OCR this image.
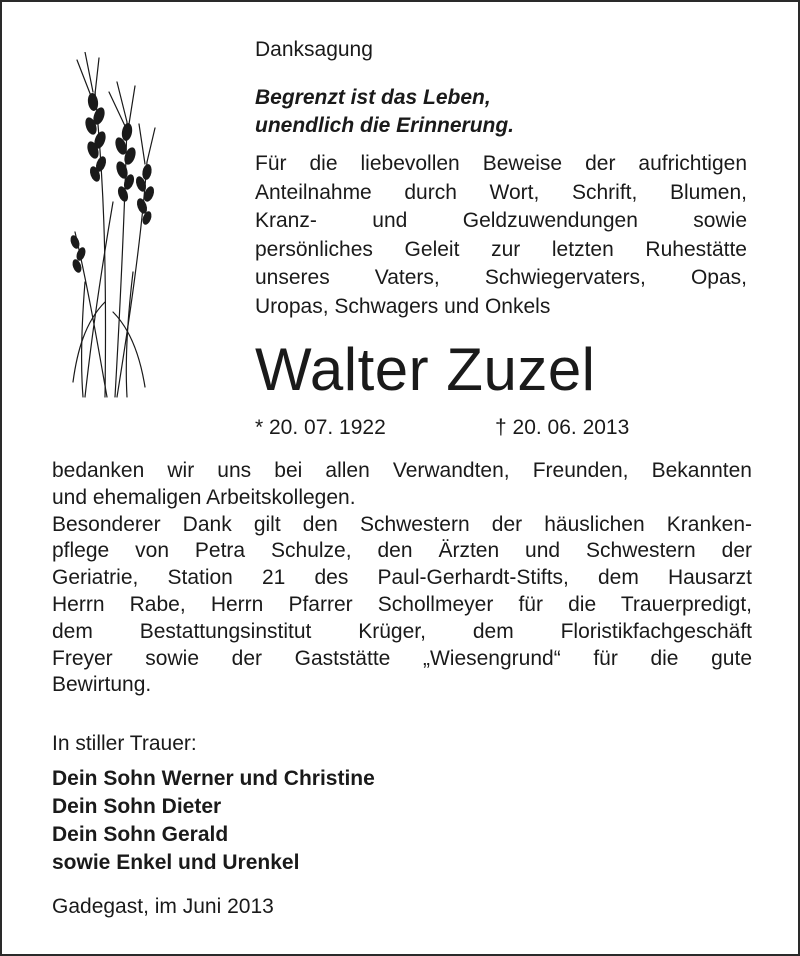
Danksagung
Begrenzt ist das Leben,
unendlich die Erinnerung.
Für die liebevollen Beweise der aufrichtigen
Anteilnahme durch Wort, Schrift, Blumen,
Kranz- und Geldzuwendungen sowie
persönliches Geleit zur letzten Ruhestätte
unseres Vaters, Schwiegervaters, Opas,
Uropas, Schwagers und Onkels
Walter Zuzel
* 20. 07. 1922	† 20. 06. 2013
bedanken wir uns bei allen Verwandten, Freunden, Bekannten
und ehemaligen Arbeitskollegen.
Besonderer Dank gilt den Schwestern der häuslichen Kranken-
pflege von Petra Schulze, den Ärzten und Schwestern der
Geriatrie, Station 21 des Paul-Gerhardt-Stifts, dem Hausarzt
Herrn Rabe, Herrn Pfarrer Schollmeyer für die Trauerpredigt,
dem Bestattungsinstitut Krüger, dem Floristikfachgeschäft
Freyer sowie der Gaststätte „Wiesengrund“ für die gute
Bewirtung.
In stiller Trauer:
Dein Sohn Werner und Christine
Dein Sohn Dieter
Dein Sohn Gerald
sowie Enkel und Urenkel
Gadegast, im Juni 2013
